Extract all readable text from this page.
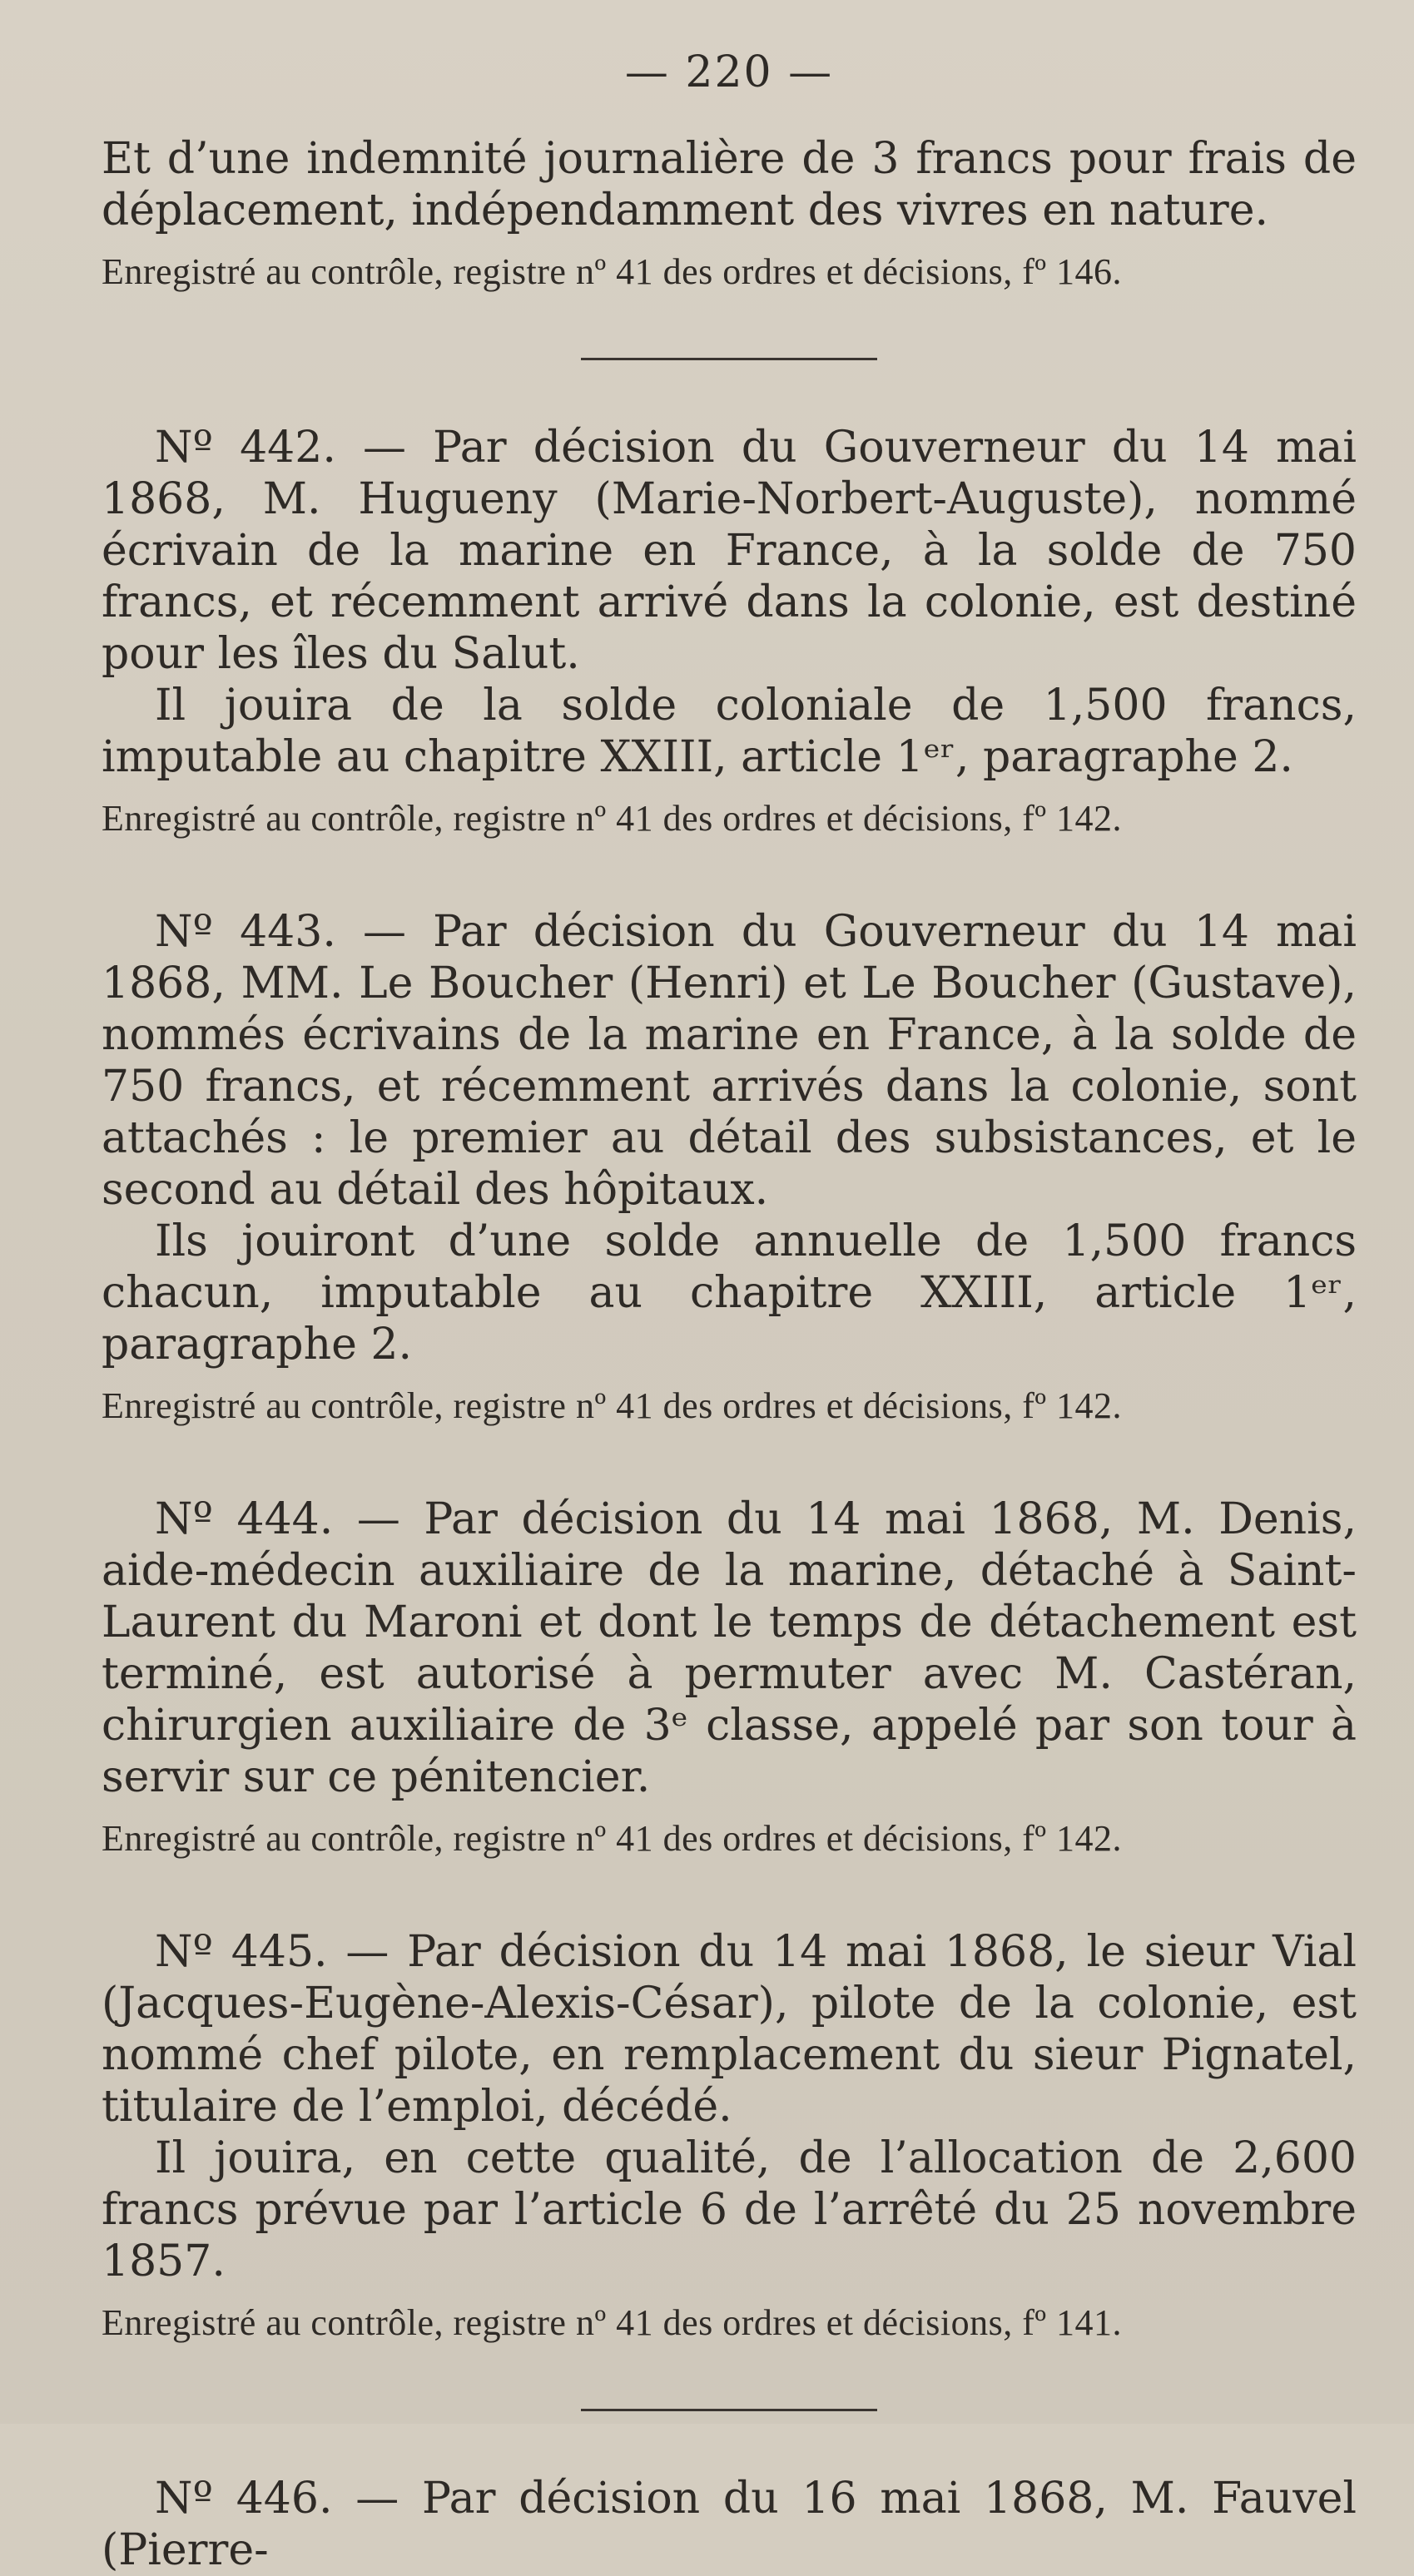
— 220 —

Et d’une indemnité journalière de 3 francs pour frais de déplacement, indépendamment des vivres en nature.

Enregistré au contrôle, registre nº 41 des ordres et décisions, fº 146.

Nº 442. — Par décision du Gouverneur du 14 mai 1868, M. Hugueny (Marie-Norbert-Auguste), nommé écrivain de la marine en France, à la solde de 750 francs, et récemment arrivé dans la colonie, est destiné pour les îles du Salut.

Il jouira de la solde coloniale de 1,500 francs, imputable au chapitre XXIII, article 1ᵉʳ, paragraphe 2.

Enregistré au contrôle, registre nº 41 des ordres et décisions, fº 142.

Nº 443. — Par décision du Gouverneur du 14 mai 1868, MM. Le Boucher (Henri) et Le Boucher (Gustave), nommés écrivains de la marine en France, à la solde de 750 francs, et récemment arrivés dans la colonie, sont attachés : le premier au détail des subsistances, et le second au détail des hôpitaux.

Ils jouiront d’une solde annuelle de 1,500 francs chacun, imputable au chapitre XXIII, article 1ᵉʳ, paragraphe 2.

Enregistré au contrôle, registre nº 41 des ordres et décisions, fº 142.

Nº 444. — Par décision du 14 mai 1868, M. Denis, aide-médecin auxiliaire de la marine, détaché à Saint-Laurent du Maroni et dont le temps de détachement est terminé, est autorisé à permuter avec M. Castéran, chirurgien auxiliaire de 3ᵉ classe, appelé par son tour à servir sur ce pénitencier.

Enregistré au contrôle, registre nº 41 des ordres et décisions, fº 142.

Nº 445. — Par décision du 14 mai 1868, le sieur Vial (Jacques-Eugène-Alexis-César), pilote de la colonie, est nommé chef pilote, en remplacement du sieur Pignatel, titulaire de l’emploi, décédé.

Il jouira, en cette qualité, de l’allocation de 2,600 francs prévue par l’article 6 de l’arrêté du 25 novembre 1857.

Enregistré au contrôle, registre nº 41 des ordres et décisions, fº 141.

Nº 446. — Par décision du 16 mai 1868, M. Fauvel (Pierre-
